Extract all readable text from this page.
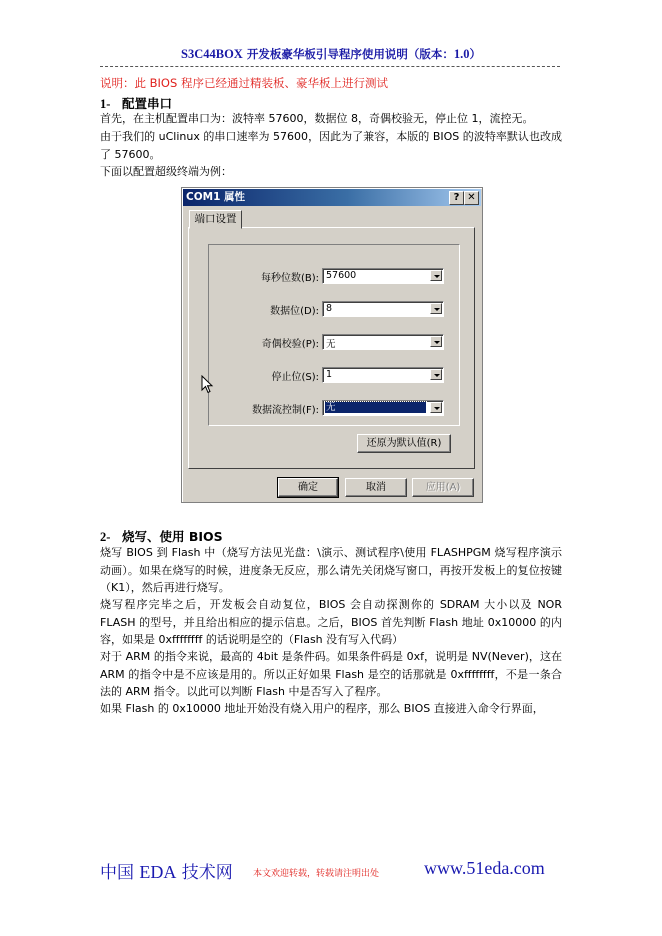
S3C44BOX 开发板豪华板引导程序使用说明（版本：1.0）
说明：此 BIOS 程序已经通过精装板、豪华板上进行测试
1- 配置串口
首先，在主机配置串口为：波特率 57600，数据位 8，奇偶校验无，停止位 1，流控无。
由于我们的 uClinux 的串口速率为 57600，因此为了兼容，本版的 BIOS 的波特率默认也改成了 57600。
下面以配置超级终端为例：
COM1 属性	? ✕
端口设置
每秒位数(B): 57600
数据位(D): 8
奇偶校验(P): 无
停止位(S): 1
数据流控制(F): 无
还原为默认值(R)
确定	取消	应用(A)
2- 烧写、使用 BIOS
烧写 BIOS 到 Flash 中（烧写方法见光盘：\演示、测试程序\使用 FLASHPGM 烧写程序演示动画）。如果在烧写的时候，进度条无反应，那么请先关闭烧写窗口，再按开发板上的复位按键（K1），然后再进行烧写。
烧写程序完毕之后，开发板会自动复位，BIOS 会自动探测你的 SDRAM 大小以及 NOR FLASH 的型号，并且给出相应的提示信息。之后，BIOS 首先判断 Flash 地址 0x10000 的内容，如果是 0xffffffff 的话说明是空的（Flash 没有写入代码）
对于 ARM 的指令来说，最高的 4bit 是条件码。如果条件码是 0xf，说明是 NV(Never)，这在 ARM 的指令中是不应该是用的。所以正好如果 Flash 是空的话那就是 0xffffffff，不是一条合法的 ARM 指令。以此可以判断 Flash 中是否写入了程序。
如果 Flash 的 0x10000 地址开始没有烧入用户的程序，那么 BIOS 直接进入命令行界面，
中国 EDA 技术网 本文欢迎转载，转载请注明出处 www.51eda.com
